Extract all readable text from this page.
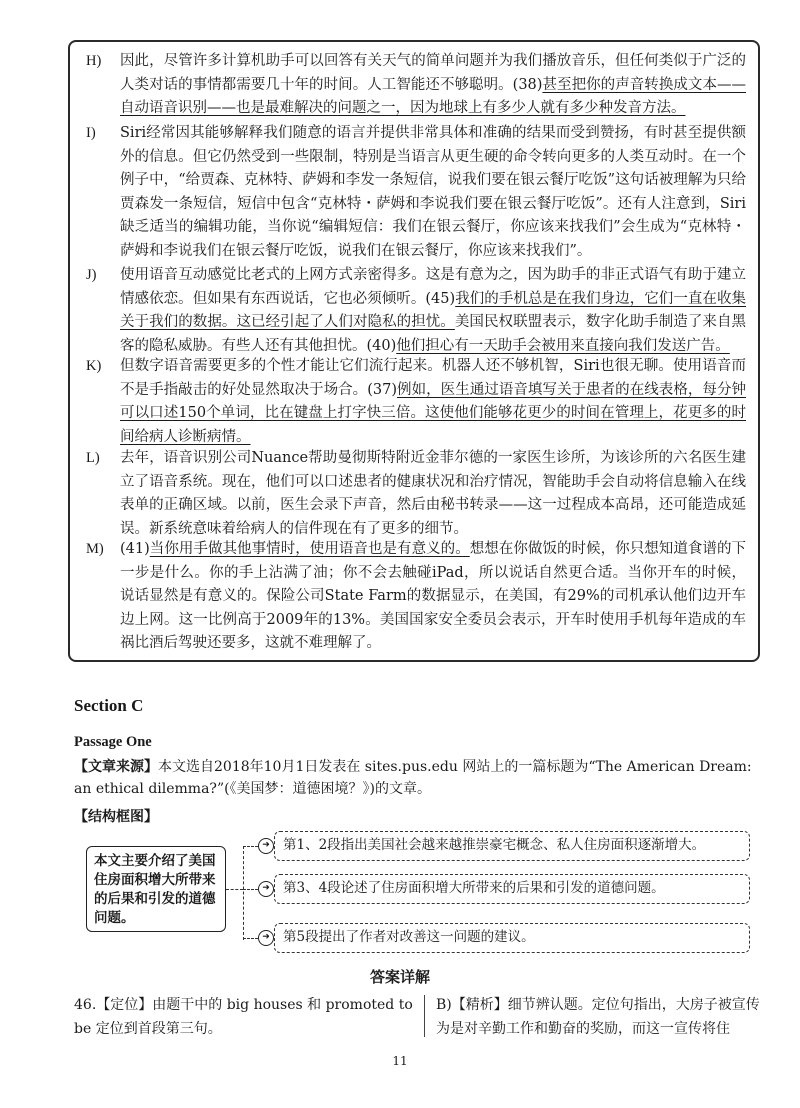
H) 因此，尽管许多计算机助手可以回答有关天气的简单问题并为我们播放音乐，但任何类似于广泛的人类对话的事情都需要几十年的时间。人工智能还不够聪明。(38)甚至把你的声音转换成文本——自动语音识别——也是最难解决的问题之一，因为地球上有多少人就有多少种发音方法。
I) Siri经常因其能够解释我们随意的语言并提供非常具体和准确的结果而受到赞扬，有时甚至提供额外的信息。但它仍然受到一些限制，特别是当语言从更生硬的命令转向更多的人类互动时。在一个例子中，“给贾森、克林特、萨姆和李发一条短信，说我们要在银云餐厅吃饭”这句话被理解为只给贾森发一条短信，短信中包含“克林特・萨姆和李说我们要在银云餐厅吃饭”。还有人注意到，Siri缺乏适当的编辑功能，当你说“编辑短信：我们在银云餐厅，你应该来找我们”会生成为“克林特・萨姆和李说我们在银云餐厅吃饭，说我们在银云餐厅，你应该来找我们”。
J) 使用语音互动感觉比老式的上网方式亲密得多。这是有意为之，因为助手的非正式语气有助于建立情感依恋。但如果有东西说话，它也必须倾听。(45)我们的手机总是在我们身边，它们一直在收集关于我们的数据。这已经引起了人们对隐私的担忧。美国民权联盟表示，数字化助手制造了来自黑客的隐私威胁。有些人还有其他担忧。(40)他们担心有一天助手会被用来直接向我们发送广告。
K) 但数字语音需要更多的个性才能让它们流行起来。机器人还不够机智，Siri也很无聊。使用语音而不是手指敲击的好处显然取决于场合。(37)例如，医生通过语音填写关于患者的在线表格，每分钟可以口述150个单词，比在键盘上打字快三倍。这使他们能够花更少的时间在管理上，花更多的时间给病人诊断病情。
L) 去年，语音识别公司Nuance帮助曼彻斯特附近金菲尔德的一家医生诊所，为该诊所的六名医生建立了语音系统。现在，他们可以口述患者的健康状况和治疗情况，智能助手会自动将信息输入在线表单的正确区域。以前，医生会录下声音，然后由秘书转录——这一过程成本高昂，还可能造成延误。新系统意味着给病人的信件现在有了更多的细节。
M) (41)当你用手做其他事情时，使用语音也是有意义的。想想在你做饭的时候，你只想知道食谱的下一步是什么。你的手上沾满了油；你不会去触碰iPad，所以说话自然更合适。当你开车的时候，说话显然是有意义的。保险公司State Farm的数据显示，在美国，有29%的司机承认他们边开车边上网。这一比例高于2009年的13%。美国国家安全委员会表示，开车时使用手机每年造成的车祸比酒后驾驶还要多，这就不难理解了。
Section C
Passage One
【文章来源】本文选自2018年10月1日发表在 sites.pus.edu 网站上的一篇标题为“The American Dream: an ethical dilemma?”(《美国梦：道德困境？》)的文章。
【结构框图】
本文主要介绍了美国住房面积增大所带来的后果和引发的道德问题。
➜ 第1、2段指出美国社会越来越推崇豪宅概念、私人住房面积逐渐增大。
➜ 第3、4段论述了住房面积增大所带来的后果和引发的道德问题。
➜ 第5段提出了作者对改善这一问题的建议。
答案详解
46.【定位】由题干中的 big houses 和 promoted to be 定位到首段第三句。
B)【精析】细节辨认题。定位句指出，大房子被宣传为是对辛勤工作和勤奋的奖励，而这一宣传将住
11
